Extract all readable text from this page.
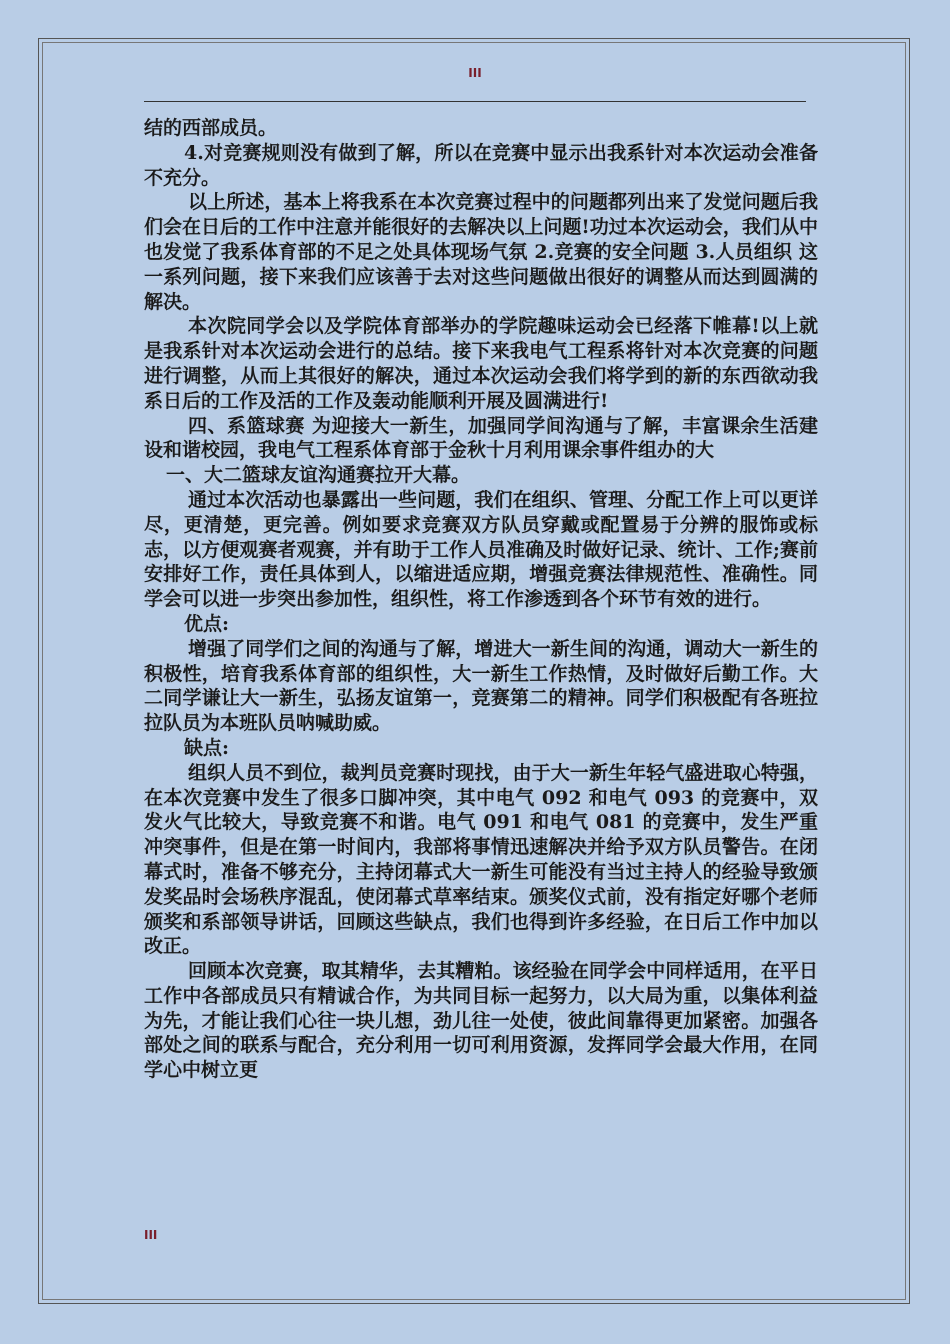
III

结的西部成员。

4.对竞赛规则没有做到了解，所以在竞赛中显示出我系针对本次运动会准备不充分。

以上所述，基本上将我系在本次竞赛过程中的问题都列出来了发觉问题后我们会在日后的工作中注意并能很好的去解决以上问题!功过本次运动会，我们从中也发觉了我系体育部的不足之处具体现场气氛 2.竞赛的安全问题 3.人员组织 这一系列问题，接下来我们应该善于去对这些问题做出很好的调整从而达到圆满的解决。

本次院同学会以及学院体育部举办的学院趣味运动会已经落下帷幕!以上就是我系针对本次运动会进行的总结。接下来我电气工程系将针对本次竞赛的问题进行调整，从而上其很好的解决，通过本次运动会我们将学到的新的东西欲动我系日后的工作及活的工作及轰动能顺利开展及圆满进行!

四、系篮球赛 为迎接大一新生，加强同学间沟通与了解，丰富课余生活建设和谐校园，我电气工程系体育部于金秋十月利用课余事件组办的大

一、大二篮球友谊沟通赛拉开大幕。

通过本次活动也暴露出一些问题，我们在组织、管理、分配工作上可以更详尽，更清楚，更完善。例如要求竞赛双方队员穿戴或配置易于分辨的服饰或标志，以方便观赛者观赛，并有助于工作人员准确及时做好记录、统计、工作;赛前安排好工作，责任具体到人，以缩进适应期，增强竞赛法律规范性、准确性。同学会可以进一步突出参加性，组织性，将工作渗透到各个环节有效的进行。

优点:

增强了同学们之间的沟通与了解，增进大一新生间的沟通，调动大一新生的积极性，培育我系体育部的组织性，大一新生工作热情，及时做好后勤工作。大二同学谦让大一新生，弘扬友谊第一，竞赛第二的精神。同学们积极配有各班拉拉队员为本班队员呐喊助威。

缺点:

组织人员不到位，裁判员竞赛时现找，由于大一新生年轻气盛进取心特强，在本次竞赛中发生了很多口脚冲突，其中电气 092 和电气 093 的竞赛中，双发火气比较大，导致竞赛不和谐。电气 091 和电气 081 的竞赛中，发生严重冲突事件，但是在第一时间内，我部将事情迅速解决并给予双方队员警告。在闭幕式时，准备不够充分，主持闭幕式大一新生可能没有当过主持人的经验导致颁发奖品时会场秩序混乱，使闭幕式草率结束。颁奖仪式前，没有指定好哪个老师颁奖和系部领导讲话，回顾这些缺点，我们也得到许多经验，在日后工作中加以改正。

回顾本次竞赛，取其精华，去其糟粕。该经验在同学会中同样适用，在平日工作中各部成员只有精诚合作，为共同目标一起努力，以大局为重，以集体利益为先，才能让我们心往一块儿想，劲儿往一处使，彼此间靠得更加紧密。加强各部处之间的联系与配合，充分利用一切可利用资源，发挥同学会最大作用，在同学心中树立更

III
